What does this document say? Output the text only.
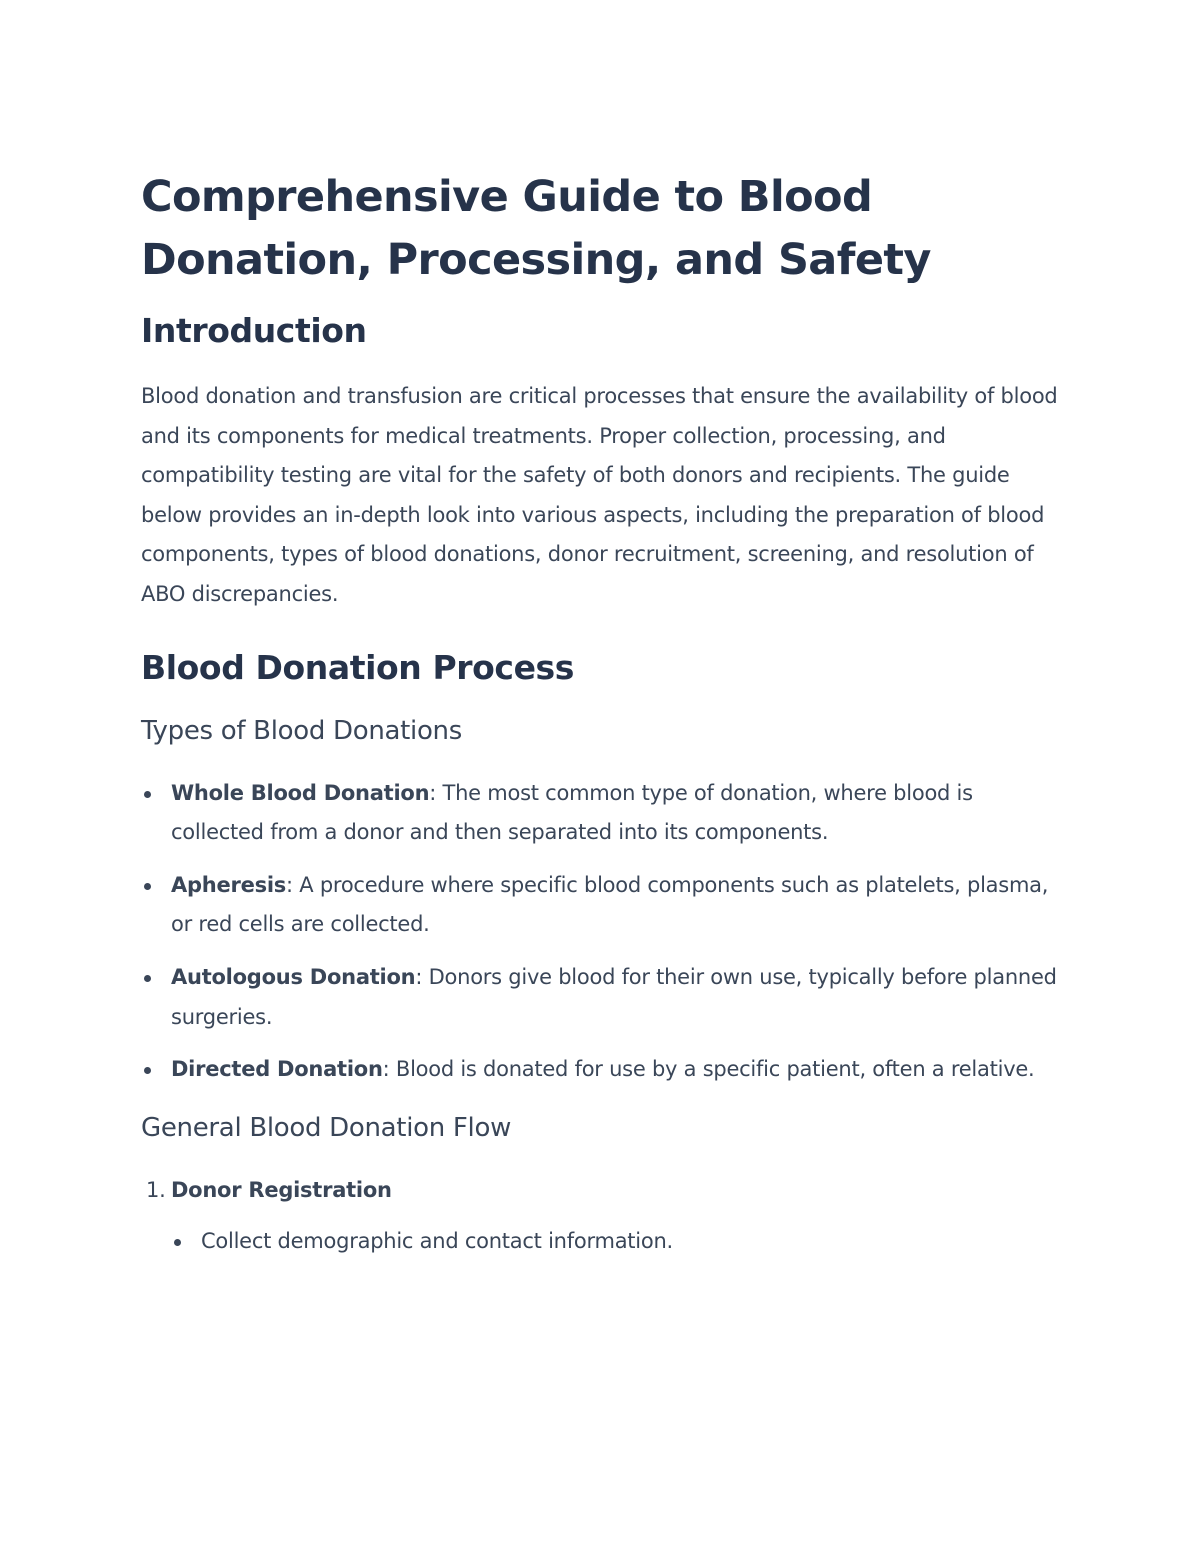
Comprehensive Guide to Blood Donation, Processing, and Safety
Introduction

Blood donation and transfusion are critical processes that ensure the availability of blood and its components for medical treatments. Proper collection, processing, and compatibility testing are vital for the safety of both donors and recipients. The guide below provides an in-depth look into various aspects, including the preparation of blood components, types of blood donations, donor recruitment, screening, and resolution of ABO discrepancies.

Blood Donation Process
Types of Blood Donations
Whole Blood Donation: The most common type of donation, where blood is collected from a donor and then separated into its components.
Apheresis: A procedure where specific blood components such as platelets, plasma, or red cells are collected.
Autologous Donation: Donors give blood for their own use, typically before planned surgeries.
Directed Donation: Blood is donated for use by a specific patient, often a relative.
General Blood Donation Flow
1. Donor Registration
Collect demographic and contact information.
